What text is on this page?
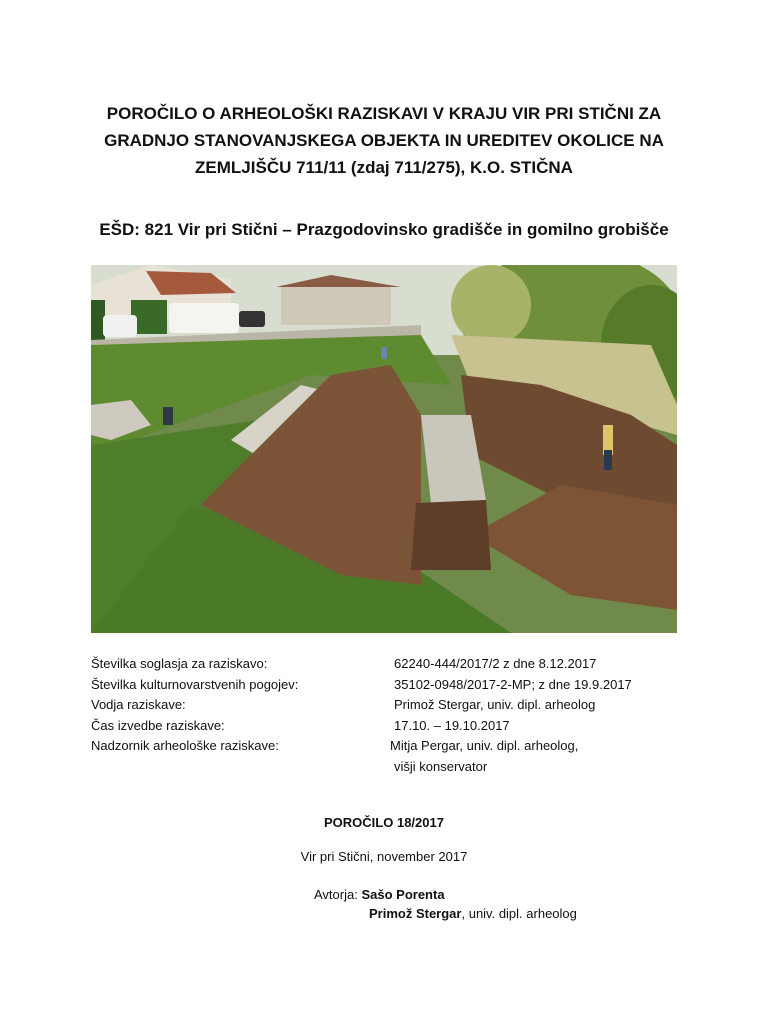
POROČILO O ARHEOLOŠKI RAZISKAVI V KRAJU VIR PRI STIČNI ZA
GRADNJO STANOVANJSKEGA OBJEKTA IN UREDITEV OKOLICE NA
ZEMLJIŠČU 711/11 (zdaj 711/275), K.O. STIČNA
EŠD: 821 Vir pri Stični – Prazgodovinsko gradišče in gomilno grobišče
Številka soglasja za raziskavo:	62240-444/2017/2 z dne 8.12.2017
Številka kulturnovarstvenih pogojev:	35102-0948/2017-2-MP; z dne 19.9.2017
Vodja raziskave:	Primož Stergar, univ. dipl. arheolog
Čas izvedbe raziskave:	17.10. – 19.10.2017
Nadzornik arheološke raziskave:	Mitja Pergar, univ. dipl. arheolog,
višji konservator
POROČILO 18/2017
Vir pri Stični, november 2017
Avtorja: Sašo Porenta
Primož Stergar, univ. dipl. arheolog
